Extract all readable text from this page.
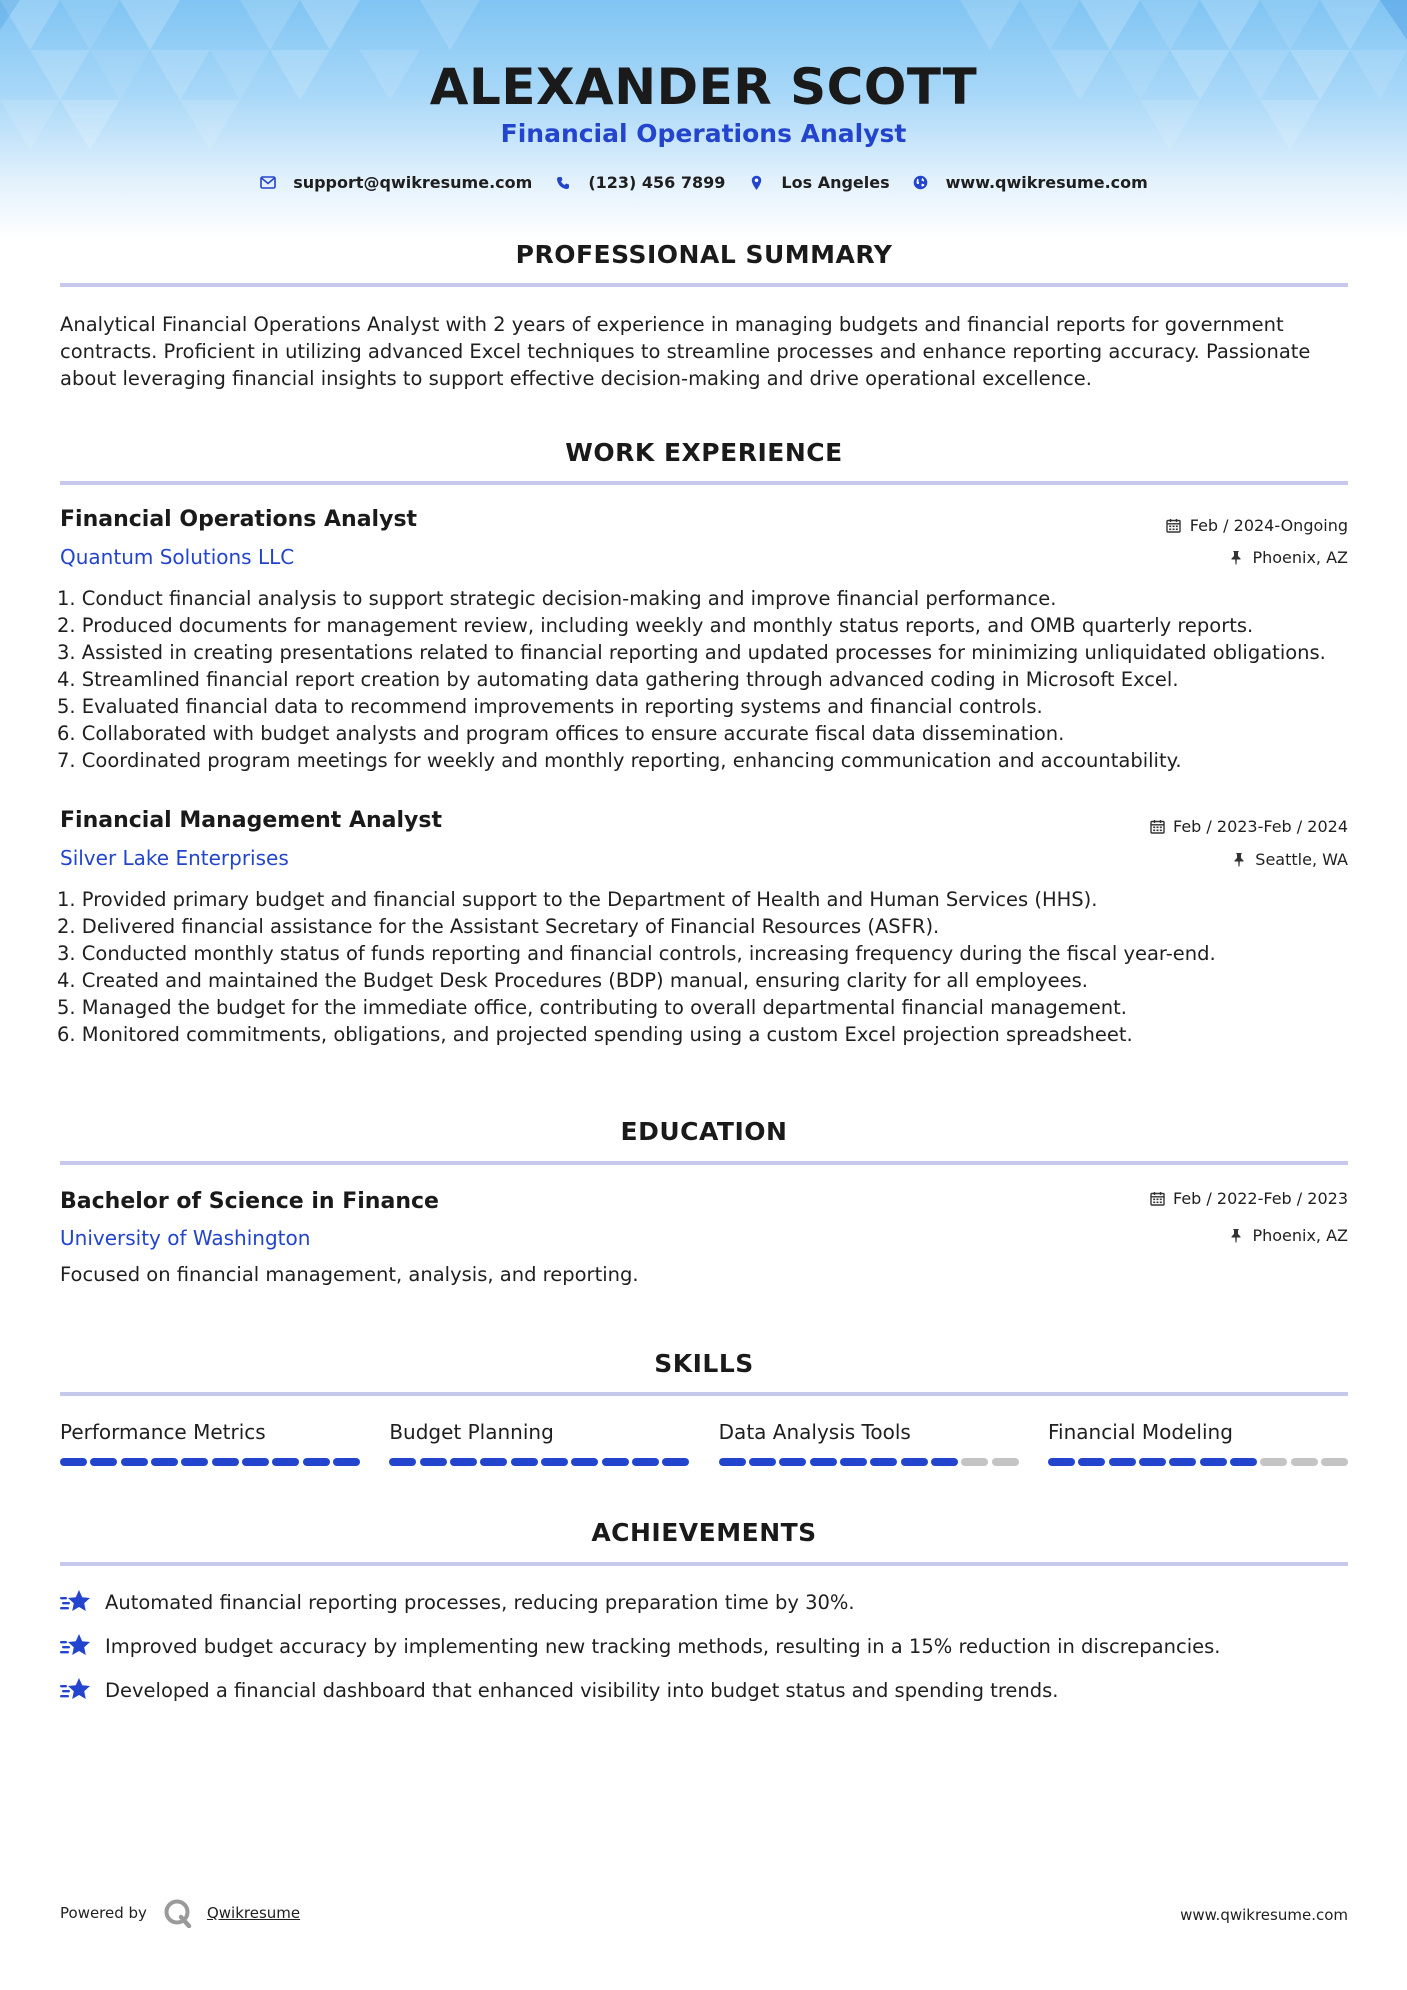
ALEXANDER SCOTT
Financial Operations Analyst
support@qwikresume.com	(123) 456 7899	Los Angeles	www.qwikresume.com
PROFESSIONAL SUMMARY
Analytical Financial Operations Analyst with 2 years of experience in managing budgets and financial reports for government
contracts. Proficient in utilizing advanced Excel techniques to streamline processes and enhance reporting accuracy. Passionate
about leveraging financial insights to support effective decision-making and drive operational excellence.
WORK EXPERIENCE
Financial Operations Analyst
Quantum Solutions LLC
Feb / 2024-Ongoing
Phoenix, AZ
1. Conduct financial analysis to support strategic decision-making and improve financial performance.
2. Produced documents for management review, including weekly and monthly status reports, and OMB quarterly reports.
3. Assisted in creating presentations related to financial reporting and updated processes for minimizing unliquidated obligations.
4. Streamlined financial report creation by automating data gathering through advanced coding in Microsoft Excel.
5. Evaluated financial data to recommend improvements in reporting systems and financial controls.
6. Collaborated with budget analysts and program offices to ensure accurate fiscal data dissemination.
7. Coordinated program meetings for weekly and monthly reporting, enhancing communication and accountability.
Financial Management Analyst
Silver Lake Enterprises
Feb / 2023-Feb / 2024
Seattle, WA
1. Provided primary budget and financial support to the Department of Health and Human Services (HHS).
2. Delivered financial assistance for the Assistant Secretary of Financial Resources (ASFR).
3. Conducted monthly status of funds reporting and financial controls, increasing frequency during the fiscal year-end.
4. Created and maintained the Budget Desk Procedures (BDP) manual, ensuring clarity for all employees.
5. Managed the budget for the immediate office, contributing to overall departmental financial management.
6. Monitored commitments, obligations, and projected spending using a custom Excel projection spreadsheet.
EDUCATION
Bachelor of Science in Finance
University of Washington
Feb / 2022-Feb / 2023
Phoenix, AZ
Focused on financial management, analysis, and reporting.
SKILLS
Performance Metrics	Budget Planning	Data Analysis Tools	Financial Modeling
ACHIEVEMENTS
Automated financial reporting processes, reducing preparation time by 30%.
Improved budget accuracy by implementing new tracking methods, resulting in a 15% reduction in discrepancies.
Developed a financial dashboard that enhanced visibility into budget status and spending trends.
Powered by	Qwikresume	www.qwikresume.com
